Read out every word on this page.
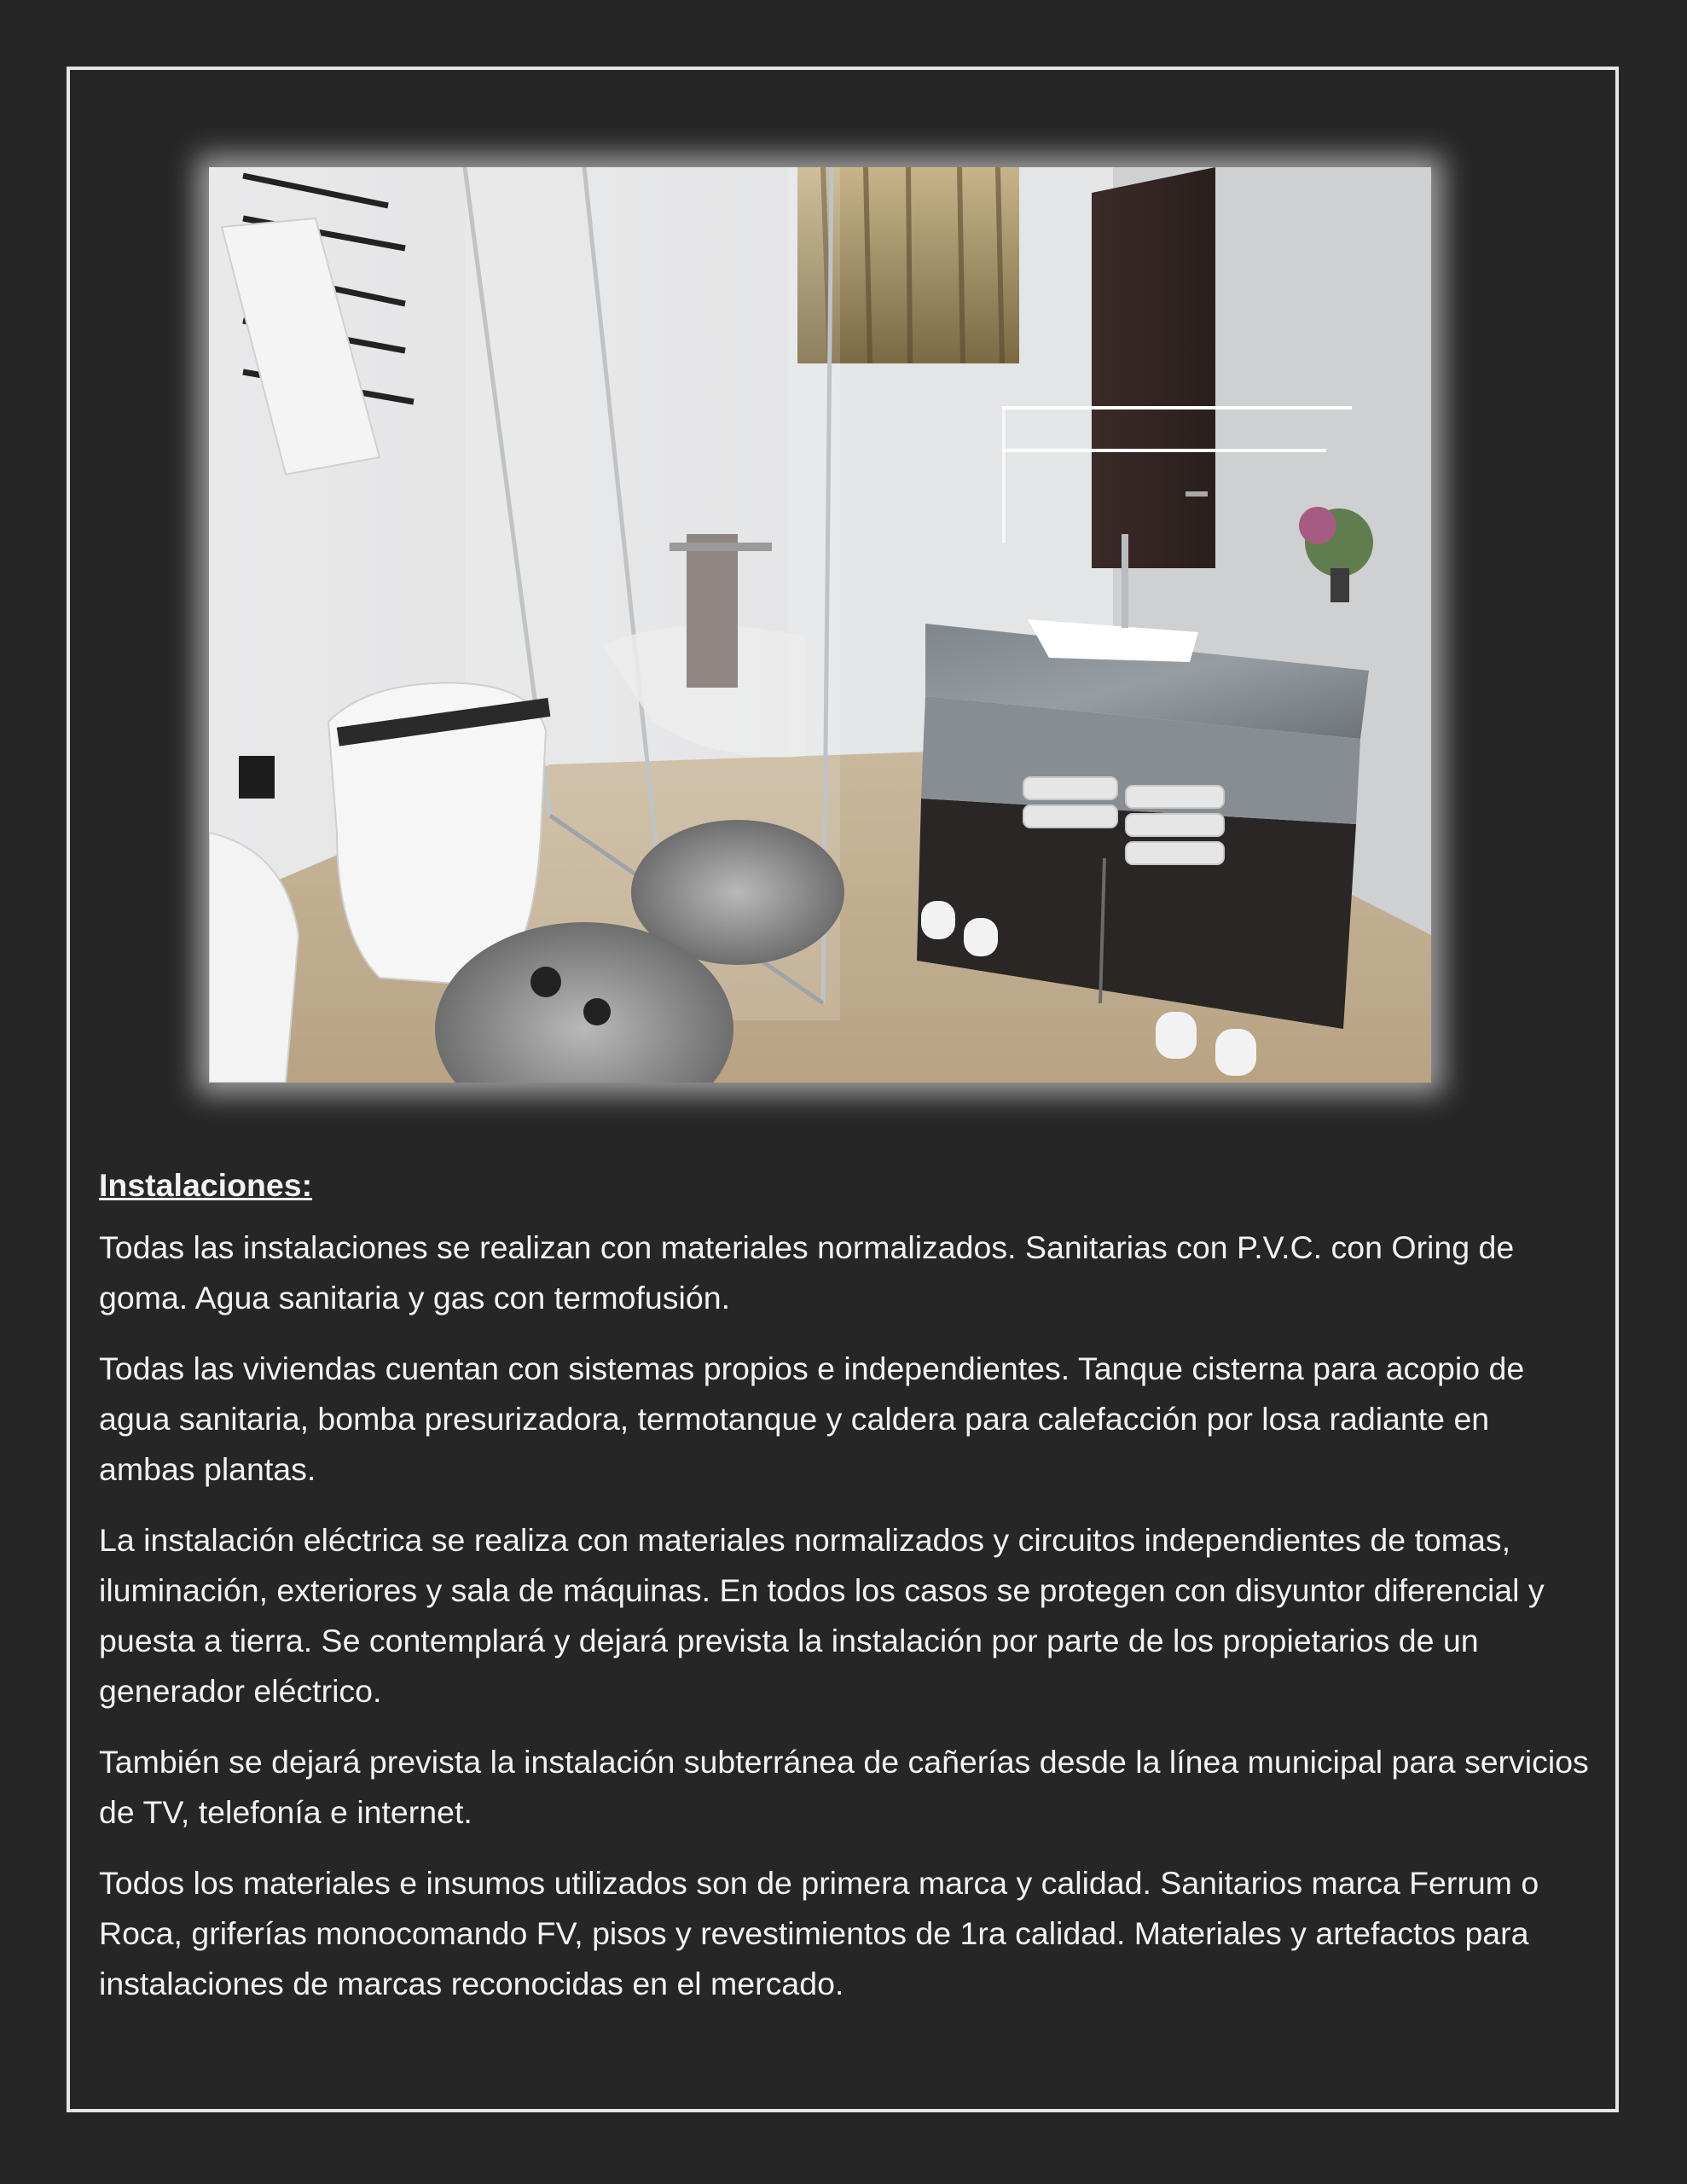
Instalaciones:

Todas las instalaciones se realizan con materiales normalizados. Sanitarias con P.V.C. con Oring de goma. Agua sanitaria y gas con termofusión.

Todas las viviendas cuentan con sistemas propios e independientes. Tanque cisterna para acopio de agua sanitaria, bomba presurizadora, termotanque y caldera para calefacción por losa radiante en ambas plantas.

La instalación eléctrica se realiza con materiales normalizados y circuitos independientes de tomas, iluminación, exteriores y sala de máquinas. En todos los casos se protegen con disyuntor diferencial y puesta a tierra. Se contemplará y dejará prevista la instalación por parte de los propietarios de un generador eléctrico.

También se dejará prevista la instalación subterránea de cañerías desde la línea municipal para servicios de TV, telefonía e internet.

Todos los materiales e insumos utilizados son de primera marca y calidad. Sanitarios marca Ferrum o Roca, griferías monocomando FV, pisos y revestimientos de 1ra calidad. Materiales y artefactos para instalaciones de marcas reconocidas en el mercado.
